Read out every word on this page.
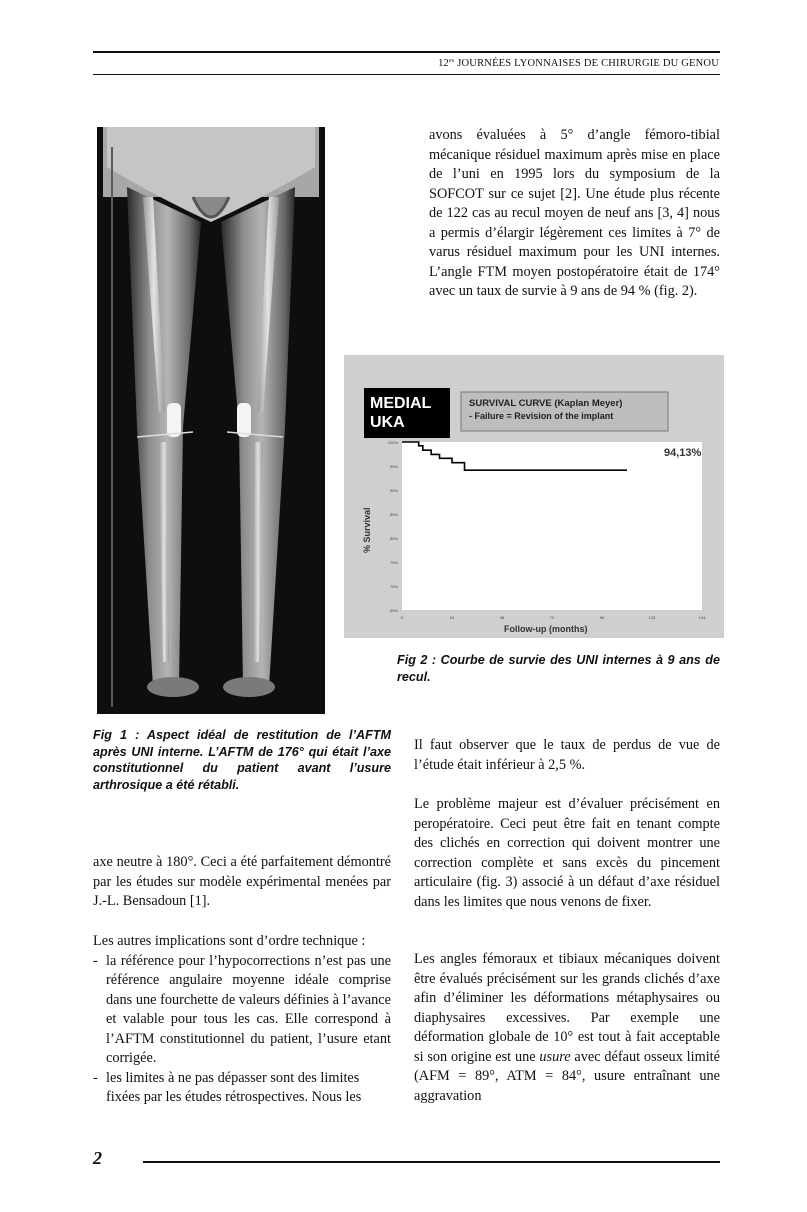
$12^{es}$ JOURNÉES LYONNAISES DE CHIRURGIE DU GENOU
avons évaluées à 5° d’angle fémoro-tibial mécanique résiduel maximum après mise en place de l’uni en 1995 lors du symposium de la SOFCOT sur ce sujet [2]. Une étude plus récente de 122 cas au recul moyen de neuf ans [3, 4] nous a permis d’élargir légèrement ces limites à 7° de varus résiduel maximum pour les UNI internes. L’angle FTM moyen postopératoire était de 174° avec un taux de survie à 9 ans de 94 % (fig. 2).
MEDIAL
UKA
SURVIVAL CURVE (Kaplan Meyer)
- Failure = Revision of the implant
65%
70%
75%
80%
85%
90%
95%
100%
0	24	48	72	96	120	144
94,13%
% Survival
Follow-up (months)
Fig 2 : Courbe de survie des UNI internes à 9 ans de recul.
Fig 1 : Aspect idéal de restitution de l’AFTM après UNI interne. L’AFTM de 176° qui était l’axe constitutionnel du patient avant l’usure arthrosique a été rétabli.
axe neutre à 180°. Ceci a été parfaitement démontré par les études sur modèle expérimental menées par J.-L. Bensadoun [1].
Les autres implications sont d’ordre technique :
- la référence pour l’hypocorrections n’est pas une référence angulaire moyenne idéale comprise dans une fourchette de valeurs définies à l’avance et valable pour tous les cas. Elle correspond à l’AFTM constitutionnel du patient, l’usure etant corrigée.
- les limites à ne pas dépasser sont des limites
fixées par les études rétrospectives. Nous les
Il faut observer que le taux de perdus de vue de l’étude était inférieur à 2,5 %.
Le problème majeur est d’évaluer précisément en peropératoire. Ceci peut être fait en tenant compte des clichés en correction qui doivent montrer une correction complète et sans excès du pincement articulaire (fig. 3) associé à un défaut d’axe résiduel dans les limites que nous venons de fixer.
Les angles fémoraux et tibiaux mécaniques doivent être évalués précisément sur les grands clichés d’axe afin d’éliminer les déformations métaphysaires ou diaphysaires excessives. Par exemple une déformation globale de 10° est tout à fait acceptable si son origine est une usure avec défaut osseux limité (AFM = 89°, ATM = 84°, usure entraînant une aggravation
2
